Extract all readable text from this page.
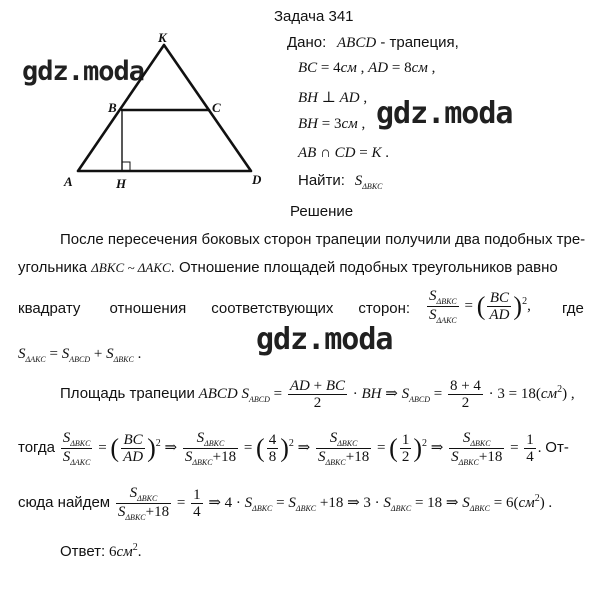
gdz.moda
gdz.moda
gdz.moda
Задача 341
K
B	C
A	H	D
Дано: ABCD - трапеция,
BC = 4см , AD = 8см ,
BH ⊥ AD ,
BH = 3см ,
AB ∩ CD = K .
Найти: $S_{\Delta BKC}$
Решение
После пересечения боковых сторон трапеции получили два подобных тре-
угольника ΔBKC ~ ΔAKC. Отношение площадей подобных треугольников равно
квадрату       отношения      соответствующих      сторон: $\frac{S_{\Delta BKC}}{S_{\Delta AKC}}$ = ( $\frac{BC}{AD} )^2$, где
$S_{\Delta AKC} = S_{ABCD} + S_{\Delta BKC}$ .
Площадь трапеции ABCD $S_{ABCD} = \frac{AD + BC}{2}$ · BH ⇒ $S_{ABCD} = \frac{8 + 4}{2} \cdot 3 = 18(см^2)$ ,
тогда $\frac{S_{\Delta BKC}}{S_{\Delta AKC}}$ = ( $\frac{BC}{AD} )^2$ ⇒ $\frac{S_{\Delta BKC}}{S_{\Delta BKC}+18}$ = ( $\frac{4}{8} )^2$ ⇒ $\frac{S_{\Delta BKC}}{S_{\Delta BKC}+18}$ = ( $\frac{1}{2} )^2$ ⇒ $\frac{S_{\Delta BKC}}{S_{\Delta BKC}+18} = \frac{1}{4}$ . От-
сюда найдем $\frac{S_{\Delta BKC}}{S_{\Delta BKC}+18} = \frac{1}{4}$ ⇒ $4 \cdot S_{\Delta BKC} = S_{\Delta BKC} +18$ ⇒ $3 \cdot S_{\Delta BKC} = 18$ ⇒ $S_{\Delta BKC} = 6(см^2)$ .
Ответ: $6см^2$.
